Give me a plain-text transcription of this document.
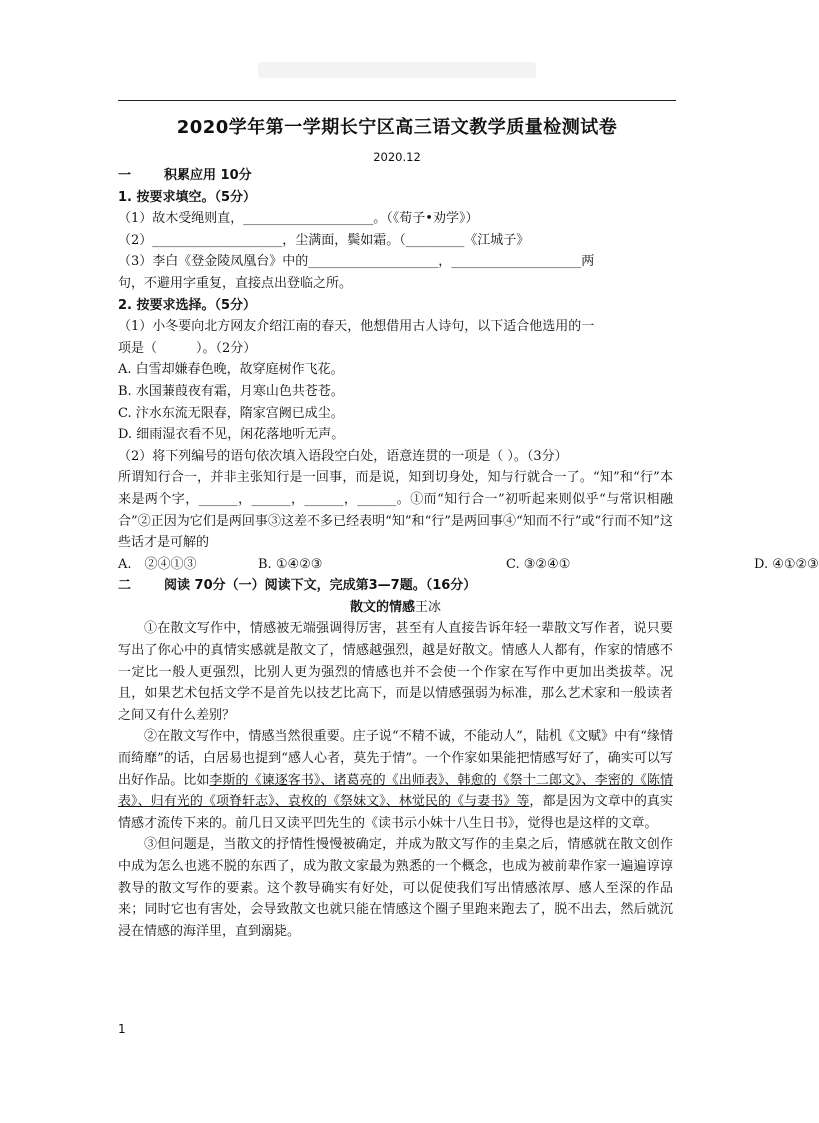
2020学年第一学期长宁区高三语文教学质量检测试卷
2020.12
一	积累应用 10分
1. 按要求填空。（5分）
（1）故木受绳则直，____________________。（《荀子•劝学》）
（2）____________________，尘满面，鬓如霜。（_________《江城子》
（3）李白《登金陵凤凰台》中的____________________，____________________两
句，不避用字重复，直接点出登临之所。
2. 按要求选择。（5分）
（1）小冬要向北方网友介绍江南的春天，他想借用古人诗句，以下适合他选用的一
项是（　　　）。（2分）
A. 白雪却嫌春色晚，故穿庭树作飞花。
B. 水国蒹葭夜有霜，月寒山色共苍苍。
C. 汴水东流无限春，隋家宫阙已成尘。
D. 细雨湿衣看不见，闲花落地听无声。
（2）将下列编号的语句依次填入语段空白处，语意连贯的一项是（ ）。（3分）
所谓知行合一，并非主张知行是一回事，而是说，知到切身处，知与行就合一了。“知”和“行”本来是两个字，______，______，______，______。①而“知行合一”初听起来则似乎“与常识相融合”②正因为它们是两回事③这差不多已经表明“知”和“行”是两回事④“知而不行”或“行而不知”这些话才是可解的
A.　②④①③	B. ①④②③	C. ③②④①	D. ④①②③
二	阅读 70分（一）阅读下文，完成第3—7题。（16分）
散文的情感王冰
①在散文写作中，情感被无端强调得厉害，甚至有人直接告诉年轻一辈散文写作者，说只要写出了你心中的真情实感就是散文了，情感越强烈，越是好散文。情感人人都有，作家的情感不一定比一般人更强烈，比别人更为强烈的情感也并不会使一个作家在写作中更加出类拔萃。况且，如果艺术包括文学不是首先以技艺比高下，而是以情感强弱为标准，那么艺术家和一般读者之间又有什么差别？
②在散文写作中，情感当然很重要。庄子说“不精不诚，不能动人”，陆机《文赋》中有“缘情而绮靡”的话，白居易也提到“感人心者，莫先于情”。一个作家如果能把情感写好了，确实可以写出好作品。比如李斯的《谏逐客书》、诸葛亮的《出师表》、韩愈的《祭十二郎文》、李密的《陈情表》、归有光的《项脊轩志》、袁枚的《祭妹文》、林觉民的《与妻书》等，都是因为文章中的真实情感才流传下来的。前几日又读平凹先生的《读书示小妹十八生日书》，觉得也是这样的文章。
③但问题是，当散文的抒情性慢慢被确定，并成为散文写作的圭臬之后，情感就在散文创作中成为怎么也逃不脱的东西了，成为散文家最为熟悉的一个概念，也成为被前辈作家一遍遍谆谆教导的散文写作的要素。这个教导确实有好处，可以促使我们写出情感浓厚、感人至深的作品来；同时它也有害处，会导致散文也就只能在情感这个圈子里跑来跑去了，脱不出去，然后就沉浸在情感的海洋里，直到溺毙。
1
